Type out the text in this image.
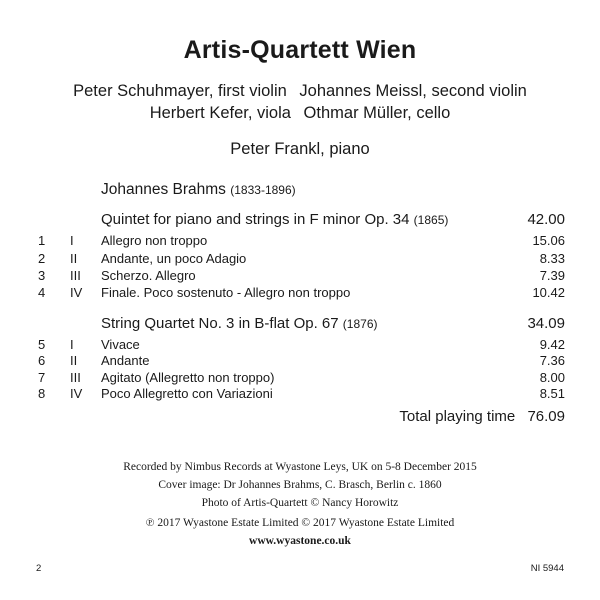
Artis-Quartett Wien
Peter Schuhmayer, first violin Johannes Meissl, second violin
Herbert Kefer, viola Othmar Müller, cello
Peter Frankl, piano
Johannes Brahms (1833-1896)
Quintet for piano and strings in F minor Op. 34 (1865)	42.00
1 I Allegro non troppo	15.06
2 II Andante, un poco Adagio	8.33
3 III Scherzo. Allegro	7.39
4 IV Finale. Poco sostenuto - Allegro non troppo	10.42
String Quartet No. 3 in B-flat Op. 67 (1876)	34.09
5 I Vivace	9.42
6 II Andante	7.36
7 III Agitato (Allegretto non troppo)	8.00
8 IV Poco Allegretto con Variazioni	8.51
Total playing time 76.09
Recorded by Nimbus Records at Wyastone Leys, UK on 5-8 December 2015
Cover image: Dr Johannes Brahms, C. Brasch, Berlin c. 1860
Photo of Artis-Quartett © Nancy Horowitz
℗ 2017 Wyastone Estate Limited © 2017 Wyastone Estate Limited
www.wyastone.co.uk
2	NI 5944
